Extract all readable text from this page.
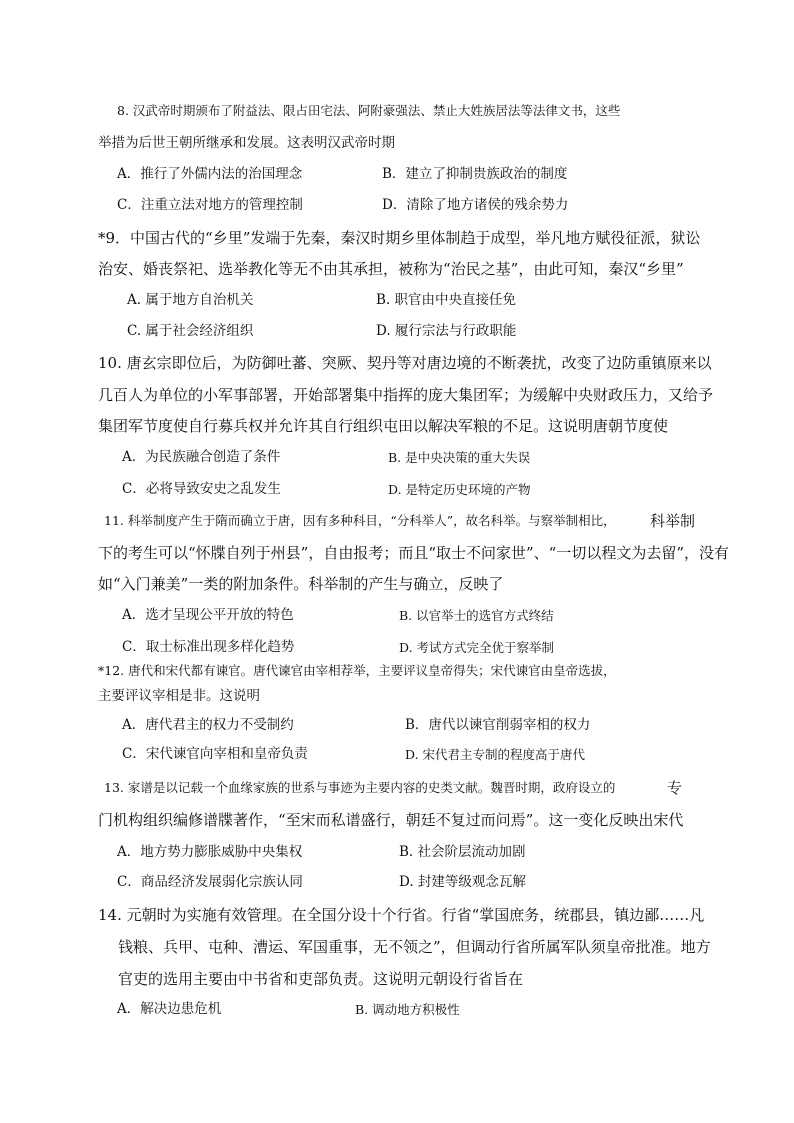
8. 汉武帝时期颁布了附益法、限占田宅法、阿附豪强法、禁止大姓族居法等法律文书，这些
举措为后世王朝所继承和发展。这表明汉武帝时期
A．推行了外儒内法的治国理念	B．建立了抑制贵族政治的制度
C．注重立法对地方的管理控制	D．清除了地方诸侯的残余势力
*9．中国古代的“乡里”发端于先秦，秦汉时期乡里体制趋于成型，举凡地方赋役征派，狱讼
治安、婚丧祭祀、选举教化等无不由其承担，被称为“治民之基”，由此可知，秦汉“乡里”
A. 属于地方自治机关	B. 职官由中央直接任免
C. 属于社会经济组织	D. 履行宗法与行政职能
10. 唐玄宗即位后，为防御吐蕃、突厥、契丹等对唐边境的不断袭扰，改变了边防重镇原来以
几百人为单位的小军事部署，开始部署集中指挥的庞大集团军；为缓解中央财政压力，又给予
集团军节度使自行募兵权并允许其自行组织屯田以解决军粮的不足。这说明唐朝节度使
A．为民族融合创造了条件	B. 是中央决策的重大失误
C．必将导致安史之乱发生	D. 是特定历史环境的产物
11. 科举制度产生于隋而确立于唐，因有多种科目，“分科举人”，故名科举。与察举制相比， 科举制
下的考生可以“怀牒自列于州县”，自由报考；而且“取士不问家世”、“一切以程文为去留”，没有
如“入门兼美”一类的附加条件。科举制的产生与确立，反映了
A．选才呈现公平开放的特色	B. 以官举士的选官方式终结
C．取士标准出现多样化趋势	D. 考试方式完全优于察举制
*12. 唐代和宋代都有谏官。唐代谏官由宰相荐举，主要评议皇帝得失；宋代谏官由皇帝选拔，
主要评议宰相是非。这说明
A．唐代君主的权力不受制约	B．唐代以谏官削弱宰相的权力
C．宋代谏官向宰相和皇帝负责	D. 宋代君主专制的程度高于唐代
13. 家谱是以记载一个血缘家族的世系与事迹为主要内容的史类文献。魏晋时期，政府设立的	专
门机构组织编修谱牒著作，“至宋而私谱盛行，朝廷不复过而问焉”。这一变化反映出宋代
A．地方势力膨胀威胁中央集权	B. 社会阶层流动加剧
C．商品经济发展弱化宗族认同	D. 封建等级观念瓦解
14. 元朝时为实施有效管理。在全国分设十个行省。行省“掌国庶务，统郡县，镇边鄙……凡
钱粮、兵甲、屯种、漕运、军国重事，无不领之”，但调动行省所属军队须皇帝批准。地方
官吏的选用主要由中书省和吏部负责。这说明元朝设行省旨在
A．解决边患危机	B. 调动地方积极性
